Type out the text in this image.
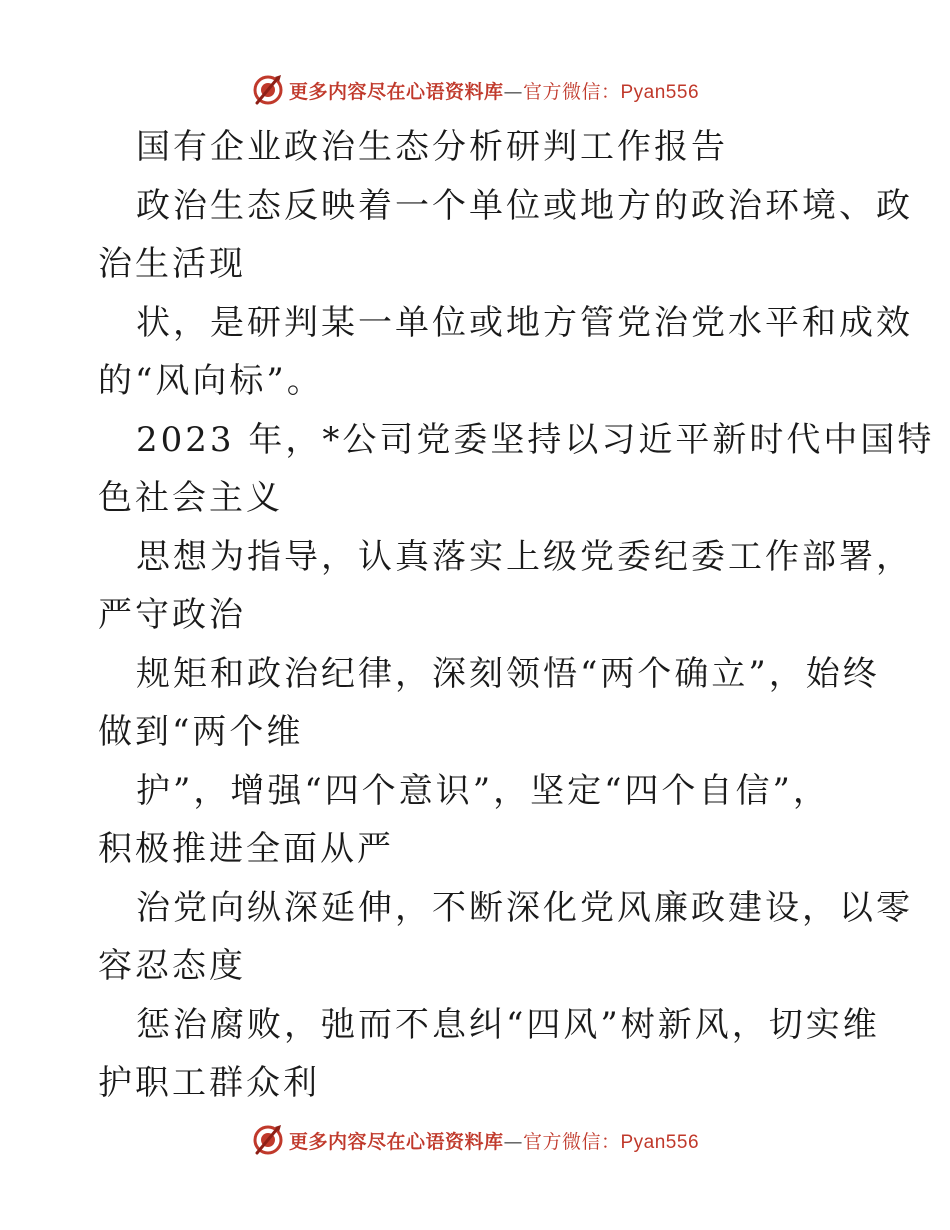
更多内容尽在心语资料库—官方微信：Pyan556
国有企业政治生态分析研判工作报告
政治生态反映着一个单位或地方的政治环境、政
治生活现
状，是研判某一单位或地方管党治党水平和成效
的“风向标”。
2023 年，*公司党委坚持以习近平新时代中国特
色社会主义
思想为指导，认真落实上级党委纪委工作部署，
严守政治
规矩和政治纪律，深刻领悟“两个确立”，始终
做到“两个维
护”，增强“四个意识”，坚定“四个自信”，
积极推进全面从严
治党向纵深延伸，不断深化党风廉政建设，以零
容忍态度
惩治腐败，弛而不息纠“四风”树新风，切实维
护职工群众利
更多内容尽在心语资料库—官方微信：Pyan556
